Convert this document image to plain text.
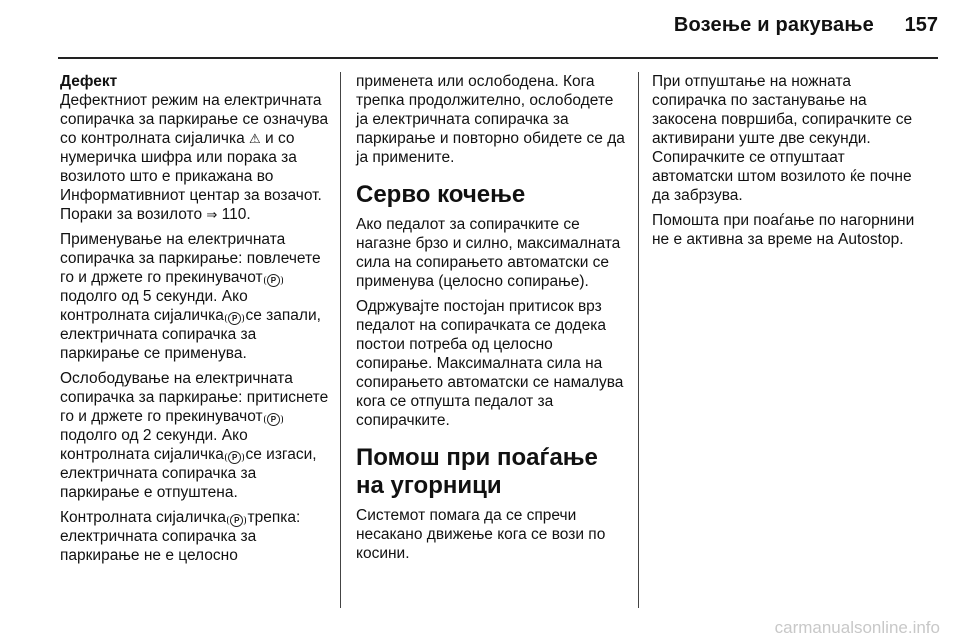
Возење и ракување 157

Дефект

Дефектниот режим на електричната сопирачка за паркирање се означува со контролната сијаличка ⚠ и со нумеричка шифра или порака за возилото што е прикажана во Информативниот центар за возачот. Пораки за возилото ⇒ 110.

Применување на електричната сопирачка за паркирање: повлечете го и држете го прекинувачот P подолго од 5 секунди. Ако контролната сијаличка P се запали, електричната сопирачка за паркирање се применува.

Ослободување на електричната сопирачка за паркирање: притиснете го и држете го прекинувачот P подолго од 2 секунди. Ако контролната сијаличка P се изгаси, електричната сопирачка за паркирање е отпуштена.

Контролната сијаличка P трепка: електричната сопирачка за паркирање не е целосно

применета или ослободена. Кога трепка продолжително, ослободете ја електричната сопирачка за паркирање и повторно обидете се да ја примените.

Серво кочење

Ако педалот за сопирачките се нагазне брзо и силно, максималната сила на сопирањето автоматски се применува (целосно сопирање).

Одржувајте постојан притисок врз педалот на сопирачката се додека постои потреба од целосно сопирање. Максималната сила на сопирањето автоматски се намалува кога се отпушта педалот за сопирачките.

Помош при поаѓање на угорници

Системот помага да се спречи несакано движење кога се вози по косини.

При отпуштање на ножната сопирачка по застанување на закосена површиба, сопирачките се активирани уште две секунди. Сопирачките се отпуштаат автоматски штом возилото ќе почне да забрзува.

Помошта при поаѓање по нагорнини не е активна за време на Autostop.

carmanualsonline.info
